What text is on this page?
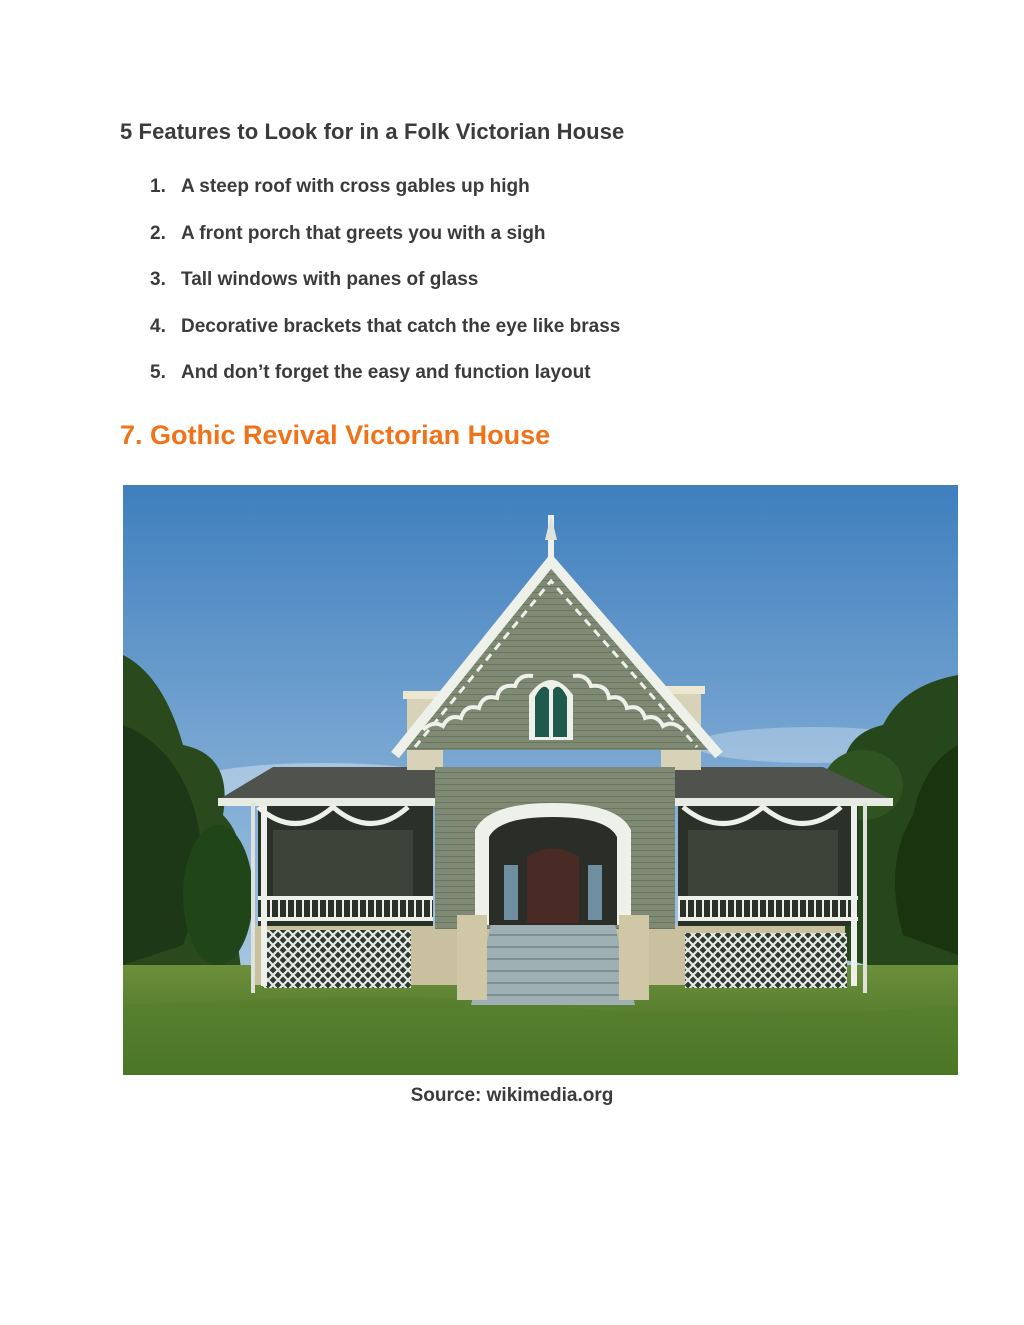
5 Features to Look for in a Folk Victorian House
1. A steep roof with cross gables up high
2. A front porch that greets you with a sigh
3. Tall windows with panes of glass
4. Decorative brackets that catch the eye like brass
5. And don’t forget the easy and function layout
7. Gothic Revival Victorian House
Source: wikimedia.org
